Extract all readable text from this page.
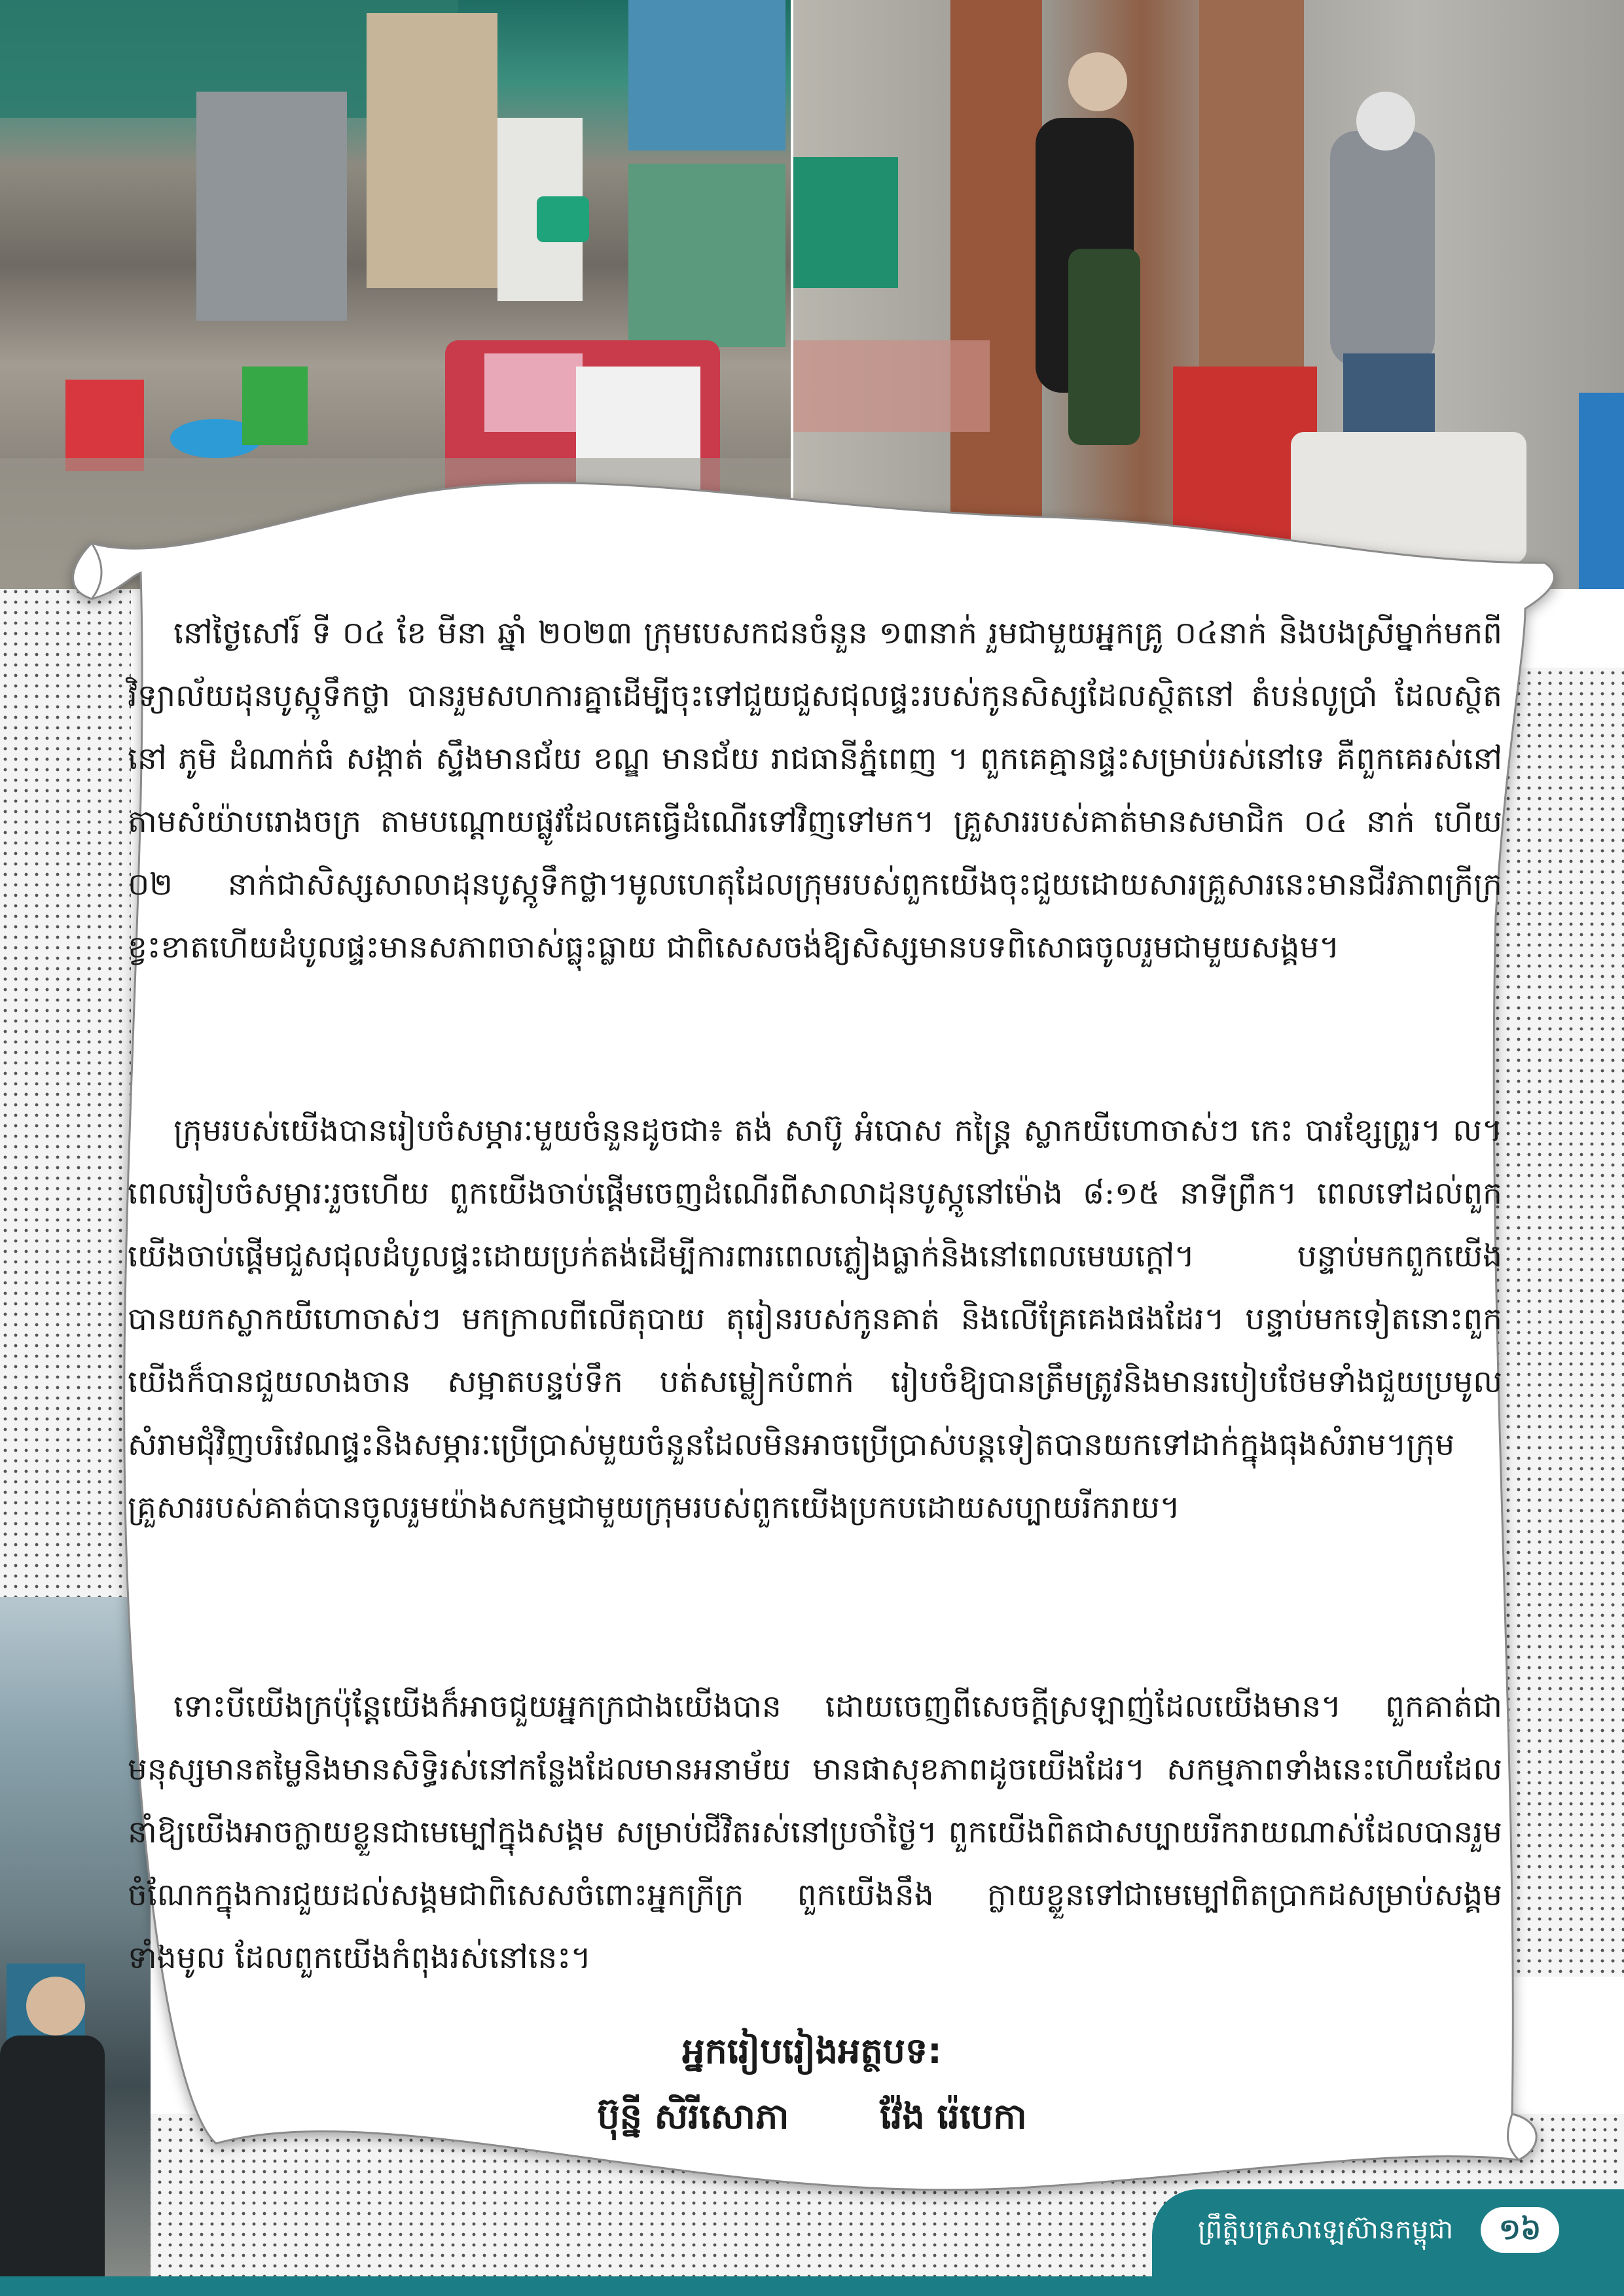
នៅថ្ងៃសៅរ៍ ទី ០៤ ខែ មីនា ឆ្នាំ ២០២៣ ក្រុមបេសកជនចំនួន ១៣នាក់ រួមជាមួយអ្នកគ្រូ ០៤នាក់ និងបងស្រីម្នាក់មកពី វិទ្យាល័យដុនបូស្កូទឹកថ្លា បានរួមសហការគ្នាដើម្បីចុះទៅជួយជួសជុលផ្ទះរបស់កូនសិស្សដែលស្ថិតនៅ តំបន់លូប្រាំ ដែលស្ថិតនៅ ភូមិ ដំណាក់ធំ សង្កាត់ ស្ទឹងមានជ័យ ខណ្ឌ មានជ័យ រាជធានីភ្នំពេញ ។ ពួកគេគ្មានផ្ទះសម្រាប់រស់នៅទេ គឺពួកគេរស់នៅតាមសំយ៉ាបរោងចក្រ តាមបណ្ដោយផ្លូវដែលគេធ្វើដំណើរទៅវិញទៅមក។ គ្រួសាររបស់គាត់មានសមាជិក ០៤ នាក់ ហើយ ០២ នាក់ជាសិស្សសាលាដុនបូស្កូទឹកថ្លា។មូលហេតុដែលក្រុមរបស់ពួកយើងចុះជួយដោយសារគ្រួសារនេះមានជីវភាពក្រីក្រខ្វះខាតហើយដំបូលផ្ទះមានសភាពចាស់ធ្លុះធ្លាយ ជាពិសេសចង់ឱ្យសិស្សមានបទពិសោធចូលរួមជាមួយសង្គម។
ក្រុមរបស់យើងបានរៀបចំសម្ភារៈមួយចំនួនដូចជា៖ តង់ សាប៊ូ អំបោស កន្ត្រៃ ស្លាកយីហោចាស់ៗ កេះ បារខ្សែព្រួរ។ ល។ ពេលរៀបចំសម្ភារៈរួចហើយ ពួកយើងចាប់ផ្ដើមចេញដំណើរពីសាលាដុនបូស្កូនៅម៉ោង ៨:១៥ នាទីព្រឹក។ ពេលទៅដល់ពួកយើងចាប់ផ្ដើមជួសជុលដំបូលផ្ទះដោយប្រក់តង់ដើម្បីការពារពេលភ្លៀងធ្លាក់និងនៅពេលមេឃក្ដៅ។ បន្ទាប់មកពួកយើងបានយកស្លាកយីហោចាស់ៗ មកក្រាលពីលើតុបាយ តុរៀនរបស់កូនគាត់ និងលើគ្រែគេងផងដែរ។ បន្ទាប់មកទៀតនោះពួកយើងក៏បានជួយលាងចាន សម្អាតបន្ទប់ទឹក បត់សម្លៀកបំពាក់ រៀបចំឱ្យបានត្រឹមត្រូវនិងមានរបៀបថែមទាំងជួយប្រមូលសំរាមជុំវិញបរិវេណផ្ទះនិងសម្ភារៈប្រើប្រាស់មួយចំនួនដែលមិនអាចប្រើប្រាស់បន្តទៀតបានយកទៅដាក់ក្នុងធុងសំរាម។ក្រុមគ្រួសាររបស់គាត់បានចូលរួមយ៉ាងសកម្មជាមួយក្រុមរបស់ពួកយើងប្រកបដោយសប្បាយរីករាយ។
ទោះបីយើងក្រប៉ុន្តែយើងក៏អាចជួយអ្នកក្រជាងយើងបាន ដោយចេញពីសេចក្ដីស្រឡាញ់ដែលយើងមាន។ ពួកគាត់ជាមនុស្សមានតម្លៃនិងមានសិទ្ធិរស់នៅកន្លែងដែលមានអនាម័យ មានផាសុខភាពដូចយើងដែរ។ សកម្មភាពទាំងនេះហើយដែលនាំឱ្យយើងអាចក្លាយខ្លួនជាមេម្បៅក្នុងសង្គម សម្រាប់ជីវិតរស់នៅប្រចាំថ្ងៃ។ ពួកយើងពិតជាសប្បាយរីករាយណាស់ដែលបានរួមចំណែកក្នុងការជួយដល់សង្គមជាពិសេសចំពោះអ្នកក្រីក្រ ពួកយើងនឹង ក្លាយខ្លួនទៅជាមេម្បៅពិតប្រាកដសម្រាប់សង្គមទាំងមូល ដែលពួកយើងកំពុងរស់នៅនេះ។
អ្នករៀបរៀងអត្ថបទ:
ប៊ុន្នី សិរីសោភា	វ៉ែង រ៉េបេកា
ព្រឹត្តិបត្រសាឡេស៊ានកម្ពុជា	១៦
